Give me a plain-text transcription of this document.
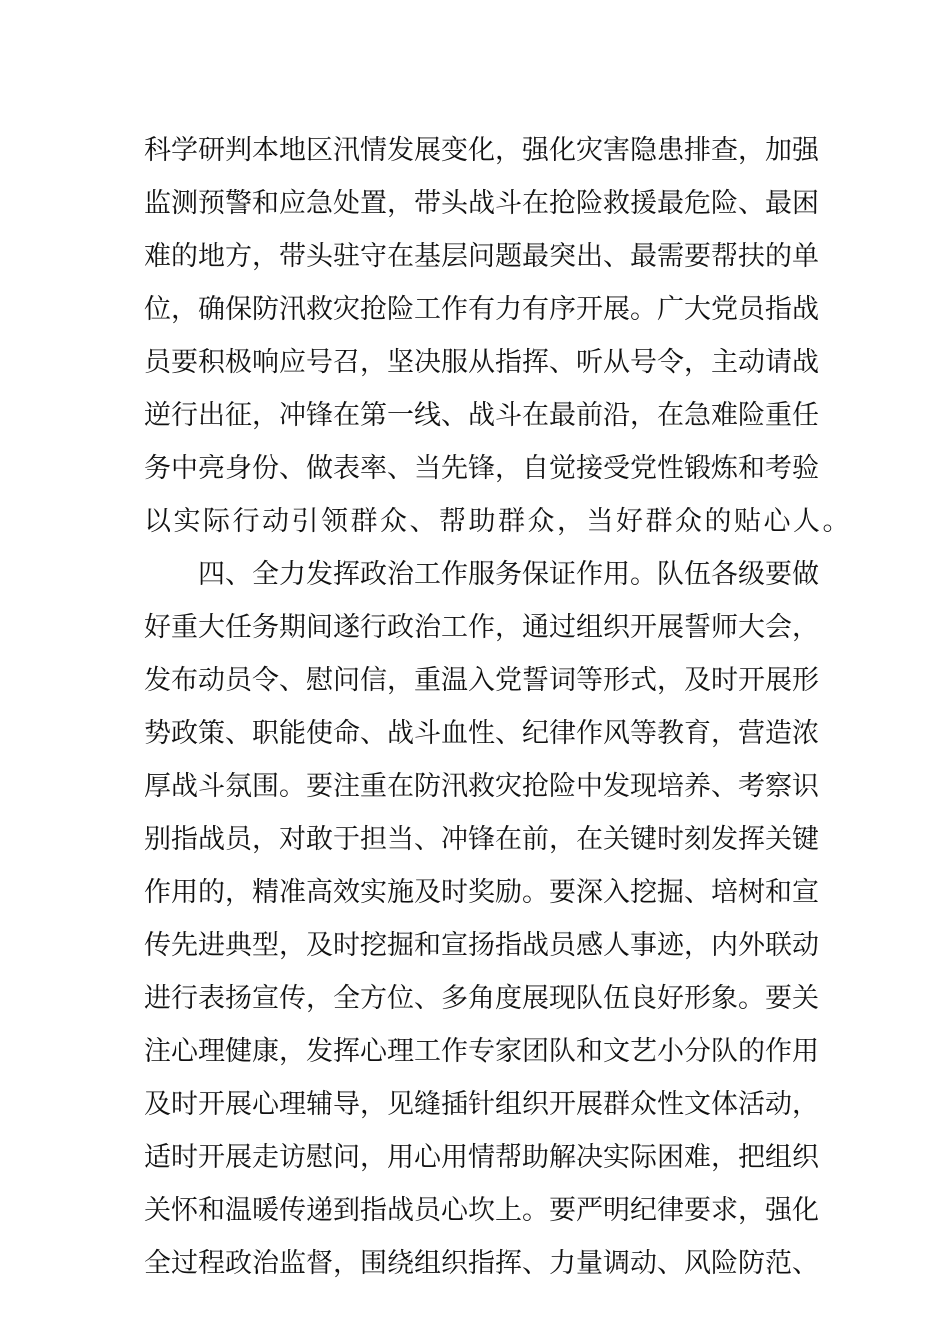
科学研判本地区汛情发展变化，强化灾害隐患排查，加强
监测预警和应急处置，带头战斗在抢险救援最危险、最困
难的地方，带头驻守在基层问题最突出、最需要帮扶的单
位，确保防汛救灾抢险工作有力有序开展。广大党员指战
员要积极响应号召，坚决服从指挥、听从号令，主动请战
逆行出征，冲锋在第一线、战斗在最前沿，在急难险重任
务中亮身份、做表率、当先锋，自觉接受党性锻炼和考验
以实际行动引领群众、帮助群众，当好群众的贴心人。
四、全力发挥政治工作服务保证作用。队伍各级要做
好重大任务期间遂行政治工作，通过组织开展誓师大会，
发布动员令、慰问信，重温入党誓词等形式，及时开展形
势政策、职能使命、战斗血性、纪律作风等教育，营造浓
厚战斗氛围。要注重在防汛救灾抢险中发现培养、考察识
别指战员，对敢于担当、冲锋在前，在关键时刻发挥关键
作用的，精准高效实施及时奖励。要深入挖掘、培树和宣
传先进典型，及时挖掘和宣扬指战员感人事迹，内外联动
进行表扬宣传，全方位、多角度展现队伍良好形象。要关
注心理健康，发挥心理工作专家团队和文艺小分队的作用
及时开展心理辅导，见缝插针组织开展群众性文体活动，
适时开展走访慰问，用心用情帮助解决实际困难，把组织
关怀和温暖传递到指战员心坎上。要严明纪律要求，强化
全过程政治监督，围绕组织指挥、力量调动、风险防范、
